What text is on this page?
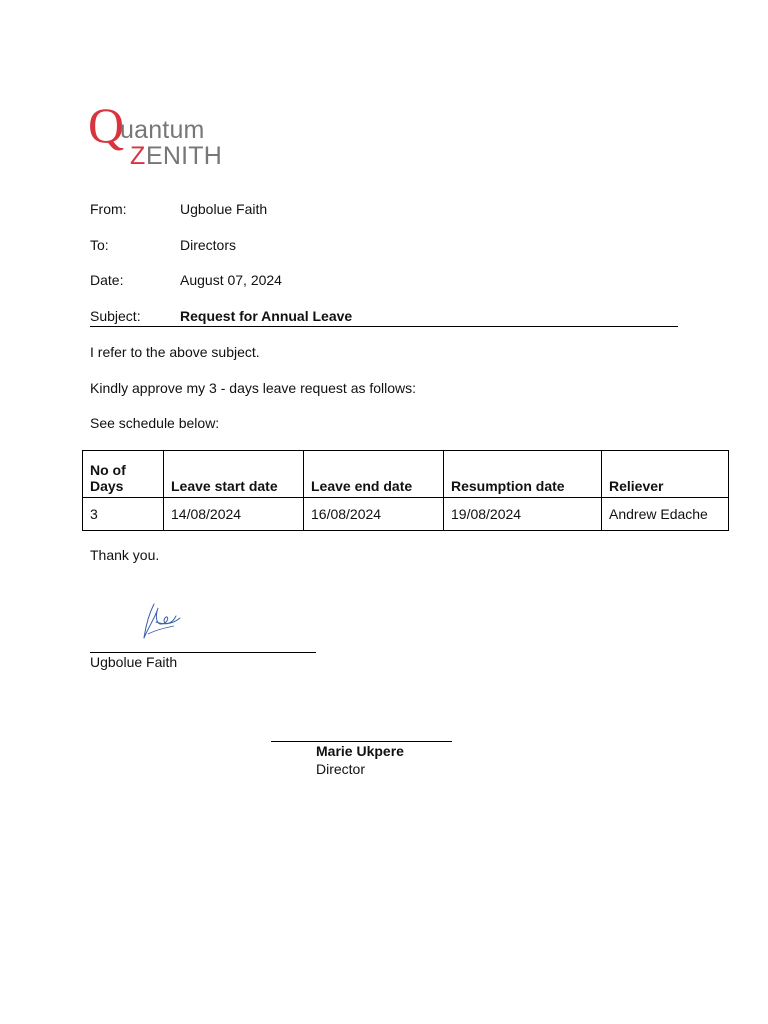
Q
uantum
Z ENITH
From:	Ugbolue Faith
To:	Directors
Date:	August 07, 2024
Subject:	Request for Annual Leave
I refer to the above subject.
Kindly approve my 3 - days leave request as follows:
See schedule below:
No of Days	Leave start date	Leave end date	Resumption date	Reliever
3	14/08/2024	16/08/2024	19/08/2024	Andrew Edache
Thank you.
Ugbolue Faith
Marie Ukpere
Director
